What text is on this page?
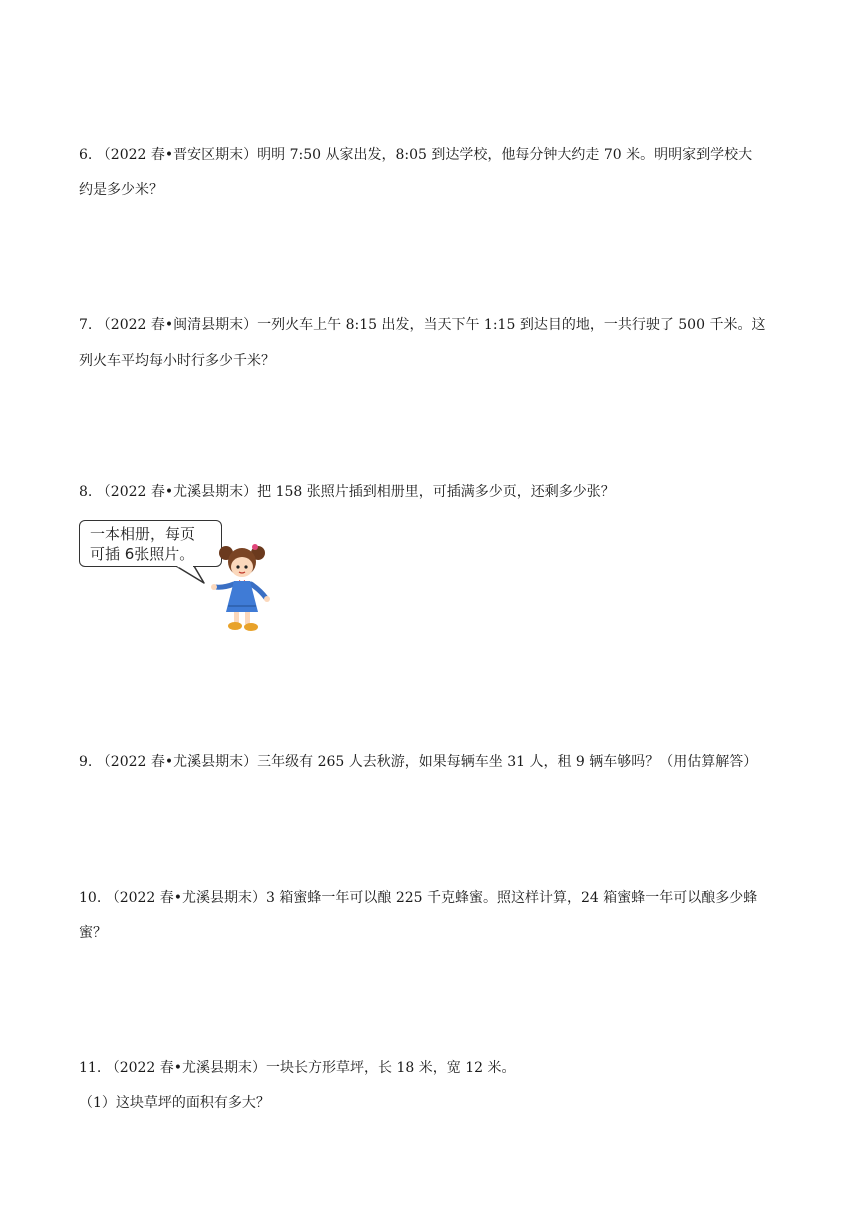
6. （2022 春•晋安区期末）明明 7:50 从家出发，8:05 到达学校，他每分钟大约走 70 米。明明家到学校大
约是多少米？
7. （2022 春•闽清县期末）一列火车上午 8:15 出发，当天下午 1:15 到达目的地，一共行驶了 500 千米。这
列火车平均每小时行多少千米？
8. （2022 春•尤溪县期末）把 158 张照片插到相册里，可插满多少页，还剩多少张？
一本相册，每页
可插 6张照片。
9. （2022 春•尤溪县期末）三年级有 265 人去秋游，如果每辆车坐 31 人，租 9 辆车够吗？（用估算解答）
10. （2022 春•尤溪县期末）3 箱蜜蜂一年可以酿 225 千克蜂蜜。照这样计算，24 箱蜜蜂一年可以酿多少蜂
蜜？
11. （2022 春•尤溪县期末）一块长方形草坪，长 18 米，宽 12 米。
（1）这块草坪的面积有多大？
